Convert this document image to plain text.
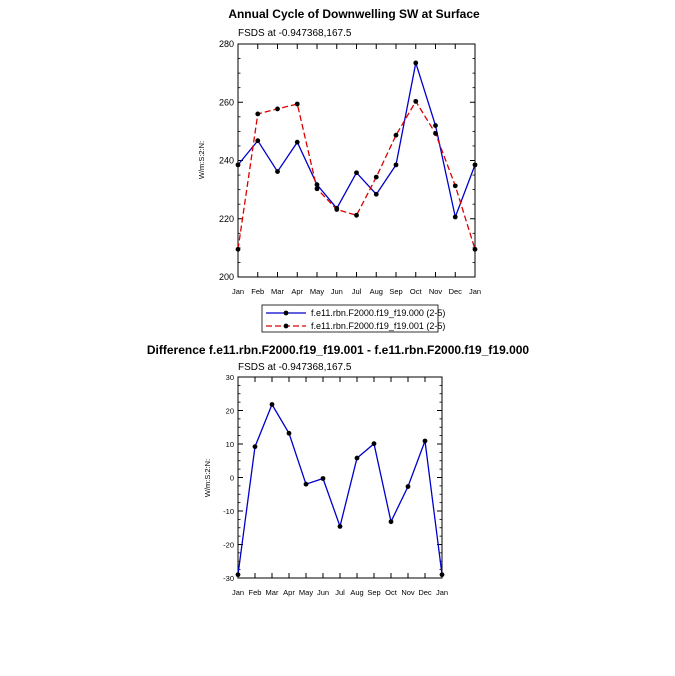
Annual Cycle of Downwelling SW at Surface
FSDS at -0.947368,167.5
200
220
240
260
280
Jan Feb Mar Apr May Jun Jul Aug Sep Oct Nov Dec Jan
W/m:S:2:N:
f.e11.rbn.F2000.f19_f19.000 (2-5)
f.e11.rbn.F2000.f19_f19.001 (2-5)
Difference f.e11.rbn.F2000.f19_f19.001 - f.e11.rbn.F2000.f19_f19.000
FSDS at -0.947368,167.5
-30
-20
-10
0
10
20
30
Jan Feb Mar Apr May Jun Jul Aug Sep Oct Nov Dec Jan
W/m:S:2:N:
